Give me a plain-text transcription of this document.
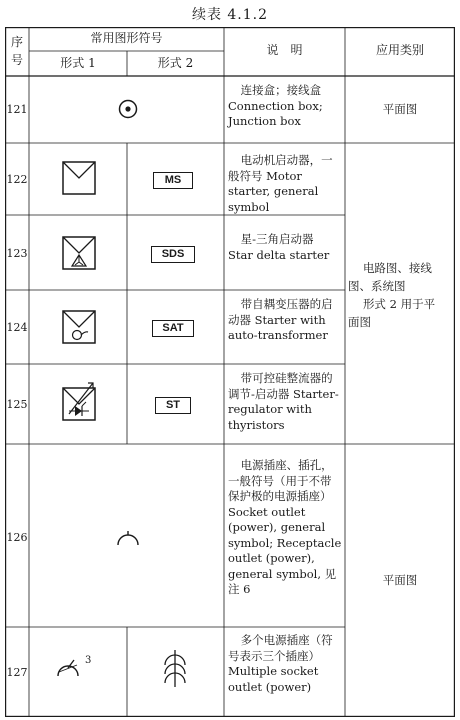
续表 4.1.2
序
号
常用图形符号
形式 1	形式 2
说　明	应用类别
121
122
123
124
125
126
127
连接盒；接线盒 Connection box; Junction box
电动机启动器，一般符号 Motor starter, general symbol
星-三角启动器 Star delta starter
带自耦变压器的启动器 Starter with auto-transformer
带可控硅整流器的调节-启动器 Starter-regulator with thyristors
电源插座、插孔，一般符号（用于不带保护极的电源插座）Socket outlet (power), general symbol; Receptacle outlet (power), general symbol, 见注 6
多个电源插座（符号表示三个插座）Multiple socket outlet (power)
平面图
电路图、接线
图、系统图
形式 2 用于平
面图
平面图
MS
SDS
SAT
ST
3
